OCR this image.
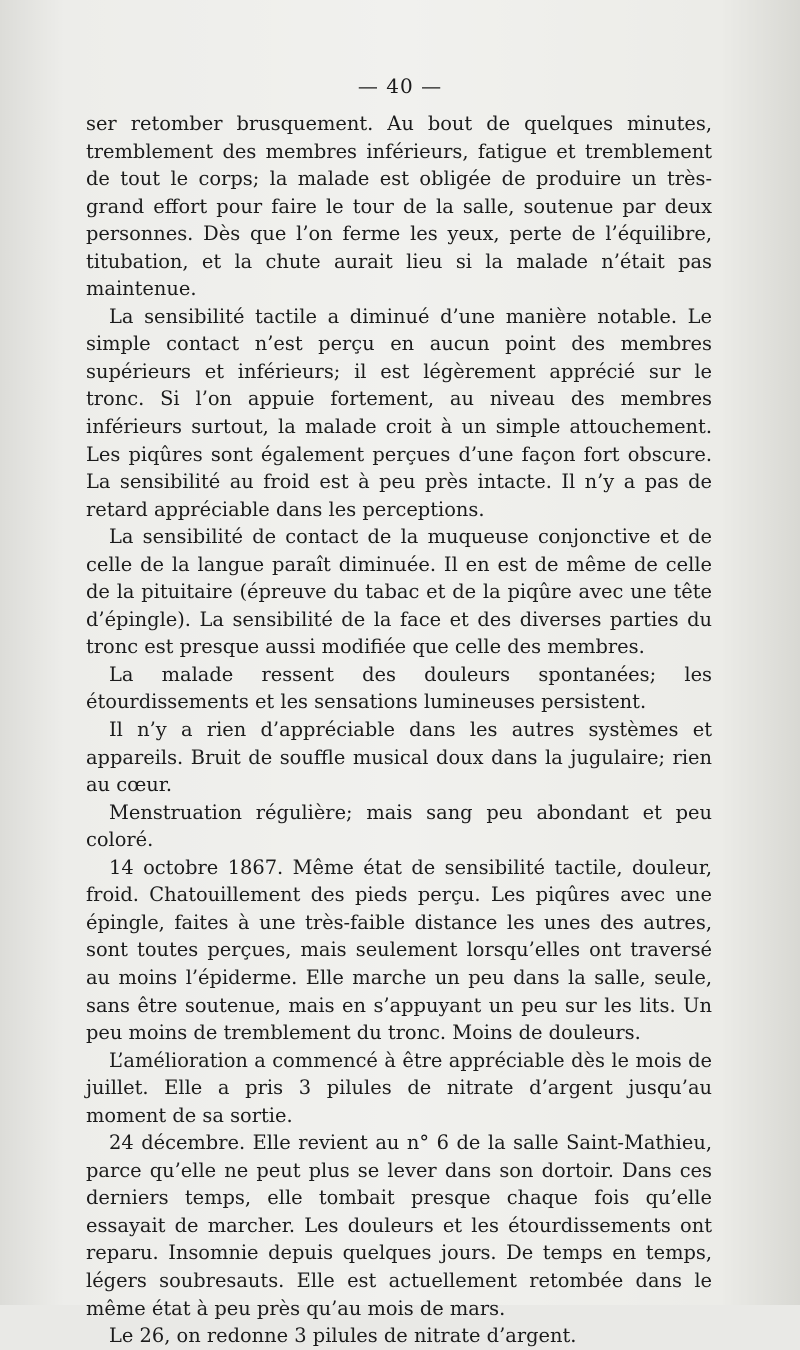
— 40 —

ser retomber brusquement. Au bout de quelques minutes, tremblement des membres inférieurs, fatigue et tremblement de tout le corps; la malade est obligée de produire un très-grand effort pour faire le tour de la salle, soutenue par deux personnes. Dès que l’on ferme les yeux, perte de l’équilibre, titubation, et la chute aurait lieu si la malade n’était pas maintenue.

La sensibilité tactile a diminué d’une manière notable. Le simple contact n’est perçu en aucun point des membres supérieurs et inférieurs; il est légèrement apprécié sur le tronc. Si l’on appuie fortement, au niveau des membres inférieurs surtout, la malade croit à un simple attouchement. Les piqûres sont également perçues d’une façon fort obscure. La sensibilité au froid est à peu près intacte. Il n’y a pas de retard appréciable dans les perceptions.

La sensibilité de contact de la muqueuse conjonctive et de celle de la langue paraît diminuée. Il en est de même de celle de la pituitaire (épreuve du tabac et de la piqûre avec une tête d’épingle). La sensibilité de la face et des diverses parties du tronc est presque aussi modifiée que celle des membres.

La malade ressent des douleurs spontanées; les étourdissements et les sensations lumineuses persistent.

Il n’y a rien d’appréciable dans les autres systèmes et appareils. Bruit de souffle musical doux dans la jugulaire; rien au cœur.

Menstruation régulière; mais sang peu abondant et peu coloré.

14 octobre 1867. Même état de sensibilité tactile, douleur, froid. Chatouillement des pieds perçu. Les piqûres avec une épingle, faites à une très-faible distance les unes des autres, sont toutes perçues, mais seulement lorsqu’elles ont traversé au moins l’épiderme. Elle marche un peu dans la salle, seule, sans être soutenue, mais en s’appuyant un peu sur les lits. Un peu moins de tremblement du tronc. Moins de douleurs.

L’amélioration a commencé à être appréciable dès le mois de juillet. Elle a pris 3 pilules de nitrate d’argent jusqu’au moment de sa sortie.

24 décembre. Elle revient au n° 6 de la salle Saint-Mathieu, parce qu’elle ne peut plus se lever dans son dortoir. Dans ces derniers temps, elle tombait presque chaque fois qu’elle essayait de marcher. Les douleurs et les étourdissements ont reparu. Insomnie depuis quelques jours. De temps en temps, légers soubresauts. Elle est actuellement retombée dans le même état à peu près qu’au mois de mars.

Le 26, on redonne 3 pilules de nitrate d’argent.
